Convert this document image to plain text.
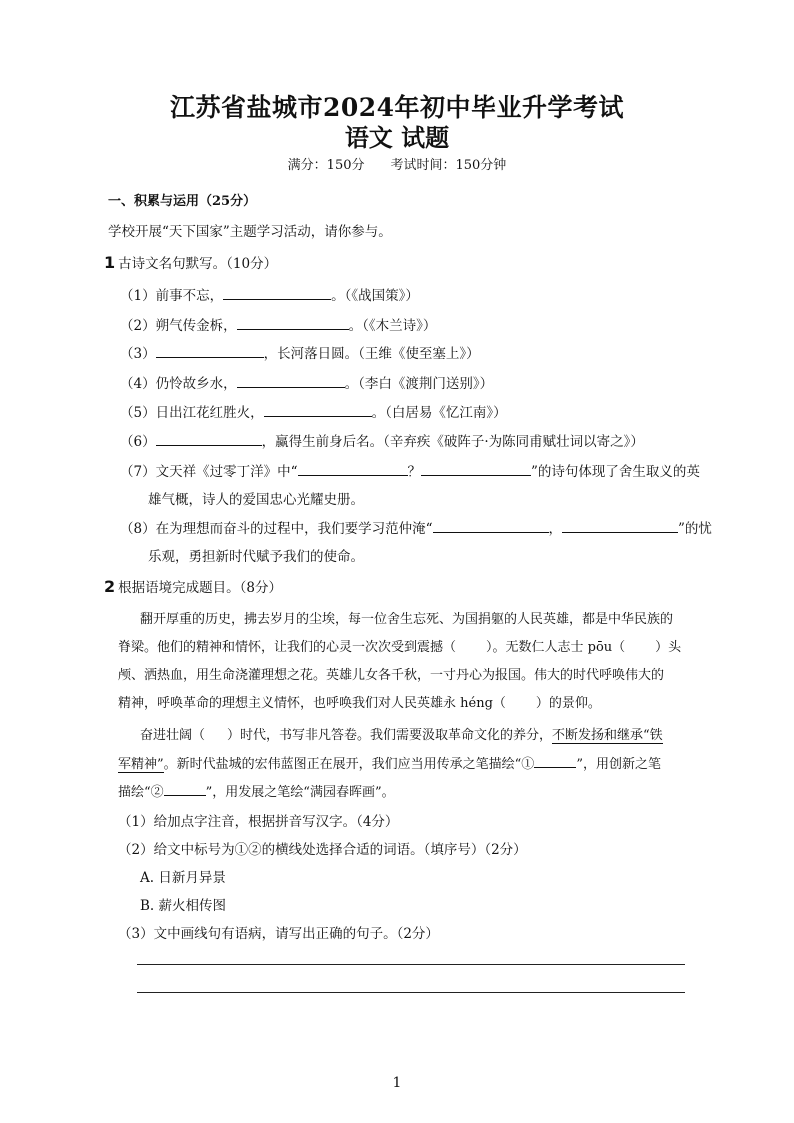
江苏省盐城市2024年初中毕业升学考试
语文 试题
满分：150分　　考试时间：150分钟
一、积累与运用（25分）
学校开展“天下国家”主题学习活动，请你参与。
1 古诗文名句默写。（10分）
（1）前事不忘，	。（《战国策》）
（2）朔气传金柝，	。（《木兰诗》）
（3）	，长河落日圆。（王维《使至塞上》）
（4）仍怜故乡水，	。（李白《渡荆门送别》）
（5）日出江花红胜火，	。（白居易《忆江南》）
（6）	，赢得生前身后名。（辛弃疾《破阵子·为陈同甫赋壮词以寄之》）
（7）文天祥《过零丁洋》中“	？	”的诗句体现了舍生取义的英
雄气概，诗人的爱国忠心光耀史册。
（8）在为理想而奋斗的过程中，我们要学习范仲淹“	，	”的忧
乐观，勇担新时代赋予我们的使命。
2 根据语境完成题目。（8分）
翻开厚重的历史，拂去岁月的尘埃，每一位舍生忘死、为国捐躯的人民英雄，都是中华民族的
脊梁。他们的精神和情怀，让我们的心灵一次次受到震撼（ ）。无数仁人志士 pōu（ ）头
颅、洒热血，用生命浇灌理想之花。英雄儿女各千秋，一寸丹心为报国。伟大的时代呼唤伟大的
精神，呼唤革命的理想主义情怀，也呼唤我们对人民英雄永 héng（ ）的景仰。
奋进壮阔（ ）时代，书写非凡答卷。我们需要汲取革命文化的养分，不断发扬和继承“铁
军精神”。新时代盐城的宏伟蓝图正在展开，我们应当用传承之笔描绘“①	”，用创新之笔
描绘“②	”，用发展之笔绘“满园春晖画”。
（1）给加点字注音，根据拼音写汉字。（4分）
（2）给文中标号为①②的横线处选择合适的词语。（填序号）（2分）
A. 日新月异景
B. 薪火相传图
（3）文中画线句有语病，请写出正确的句子。（2分）
1
